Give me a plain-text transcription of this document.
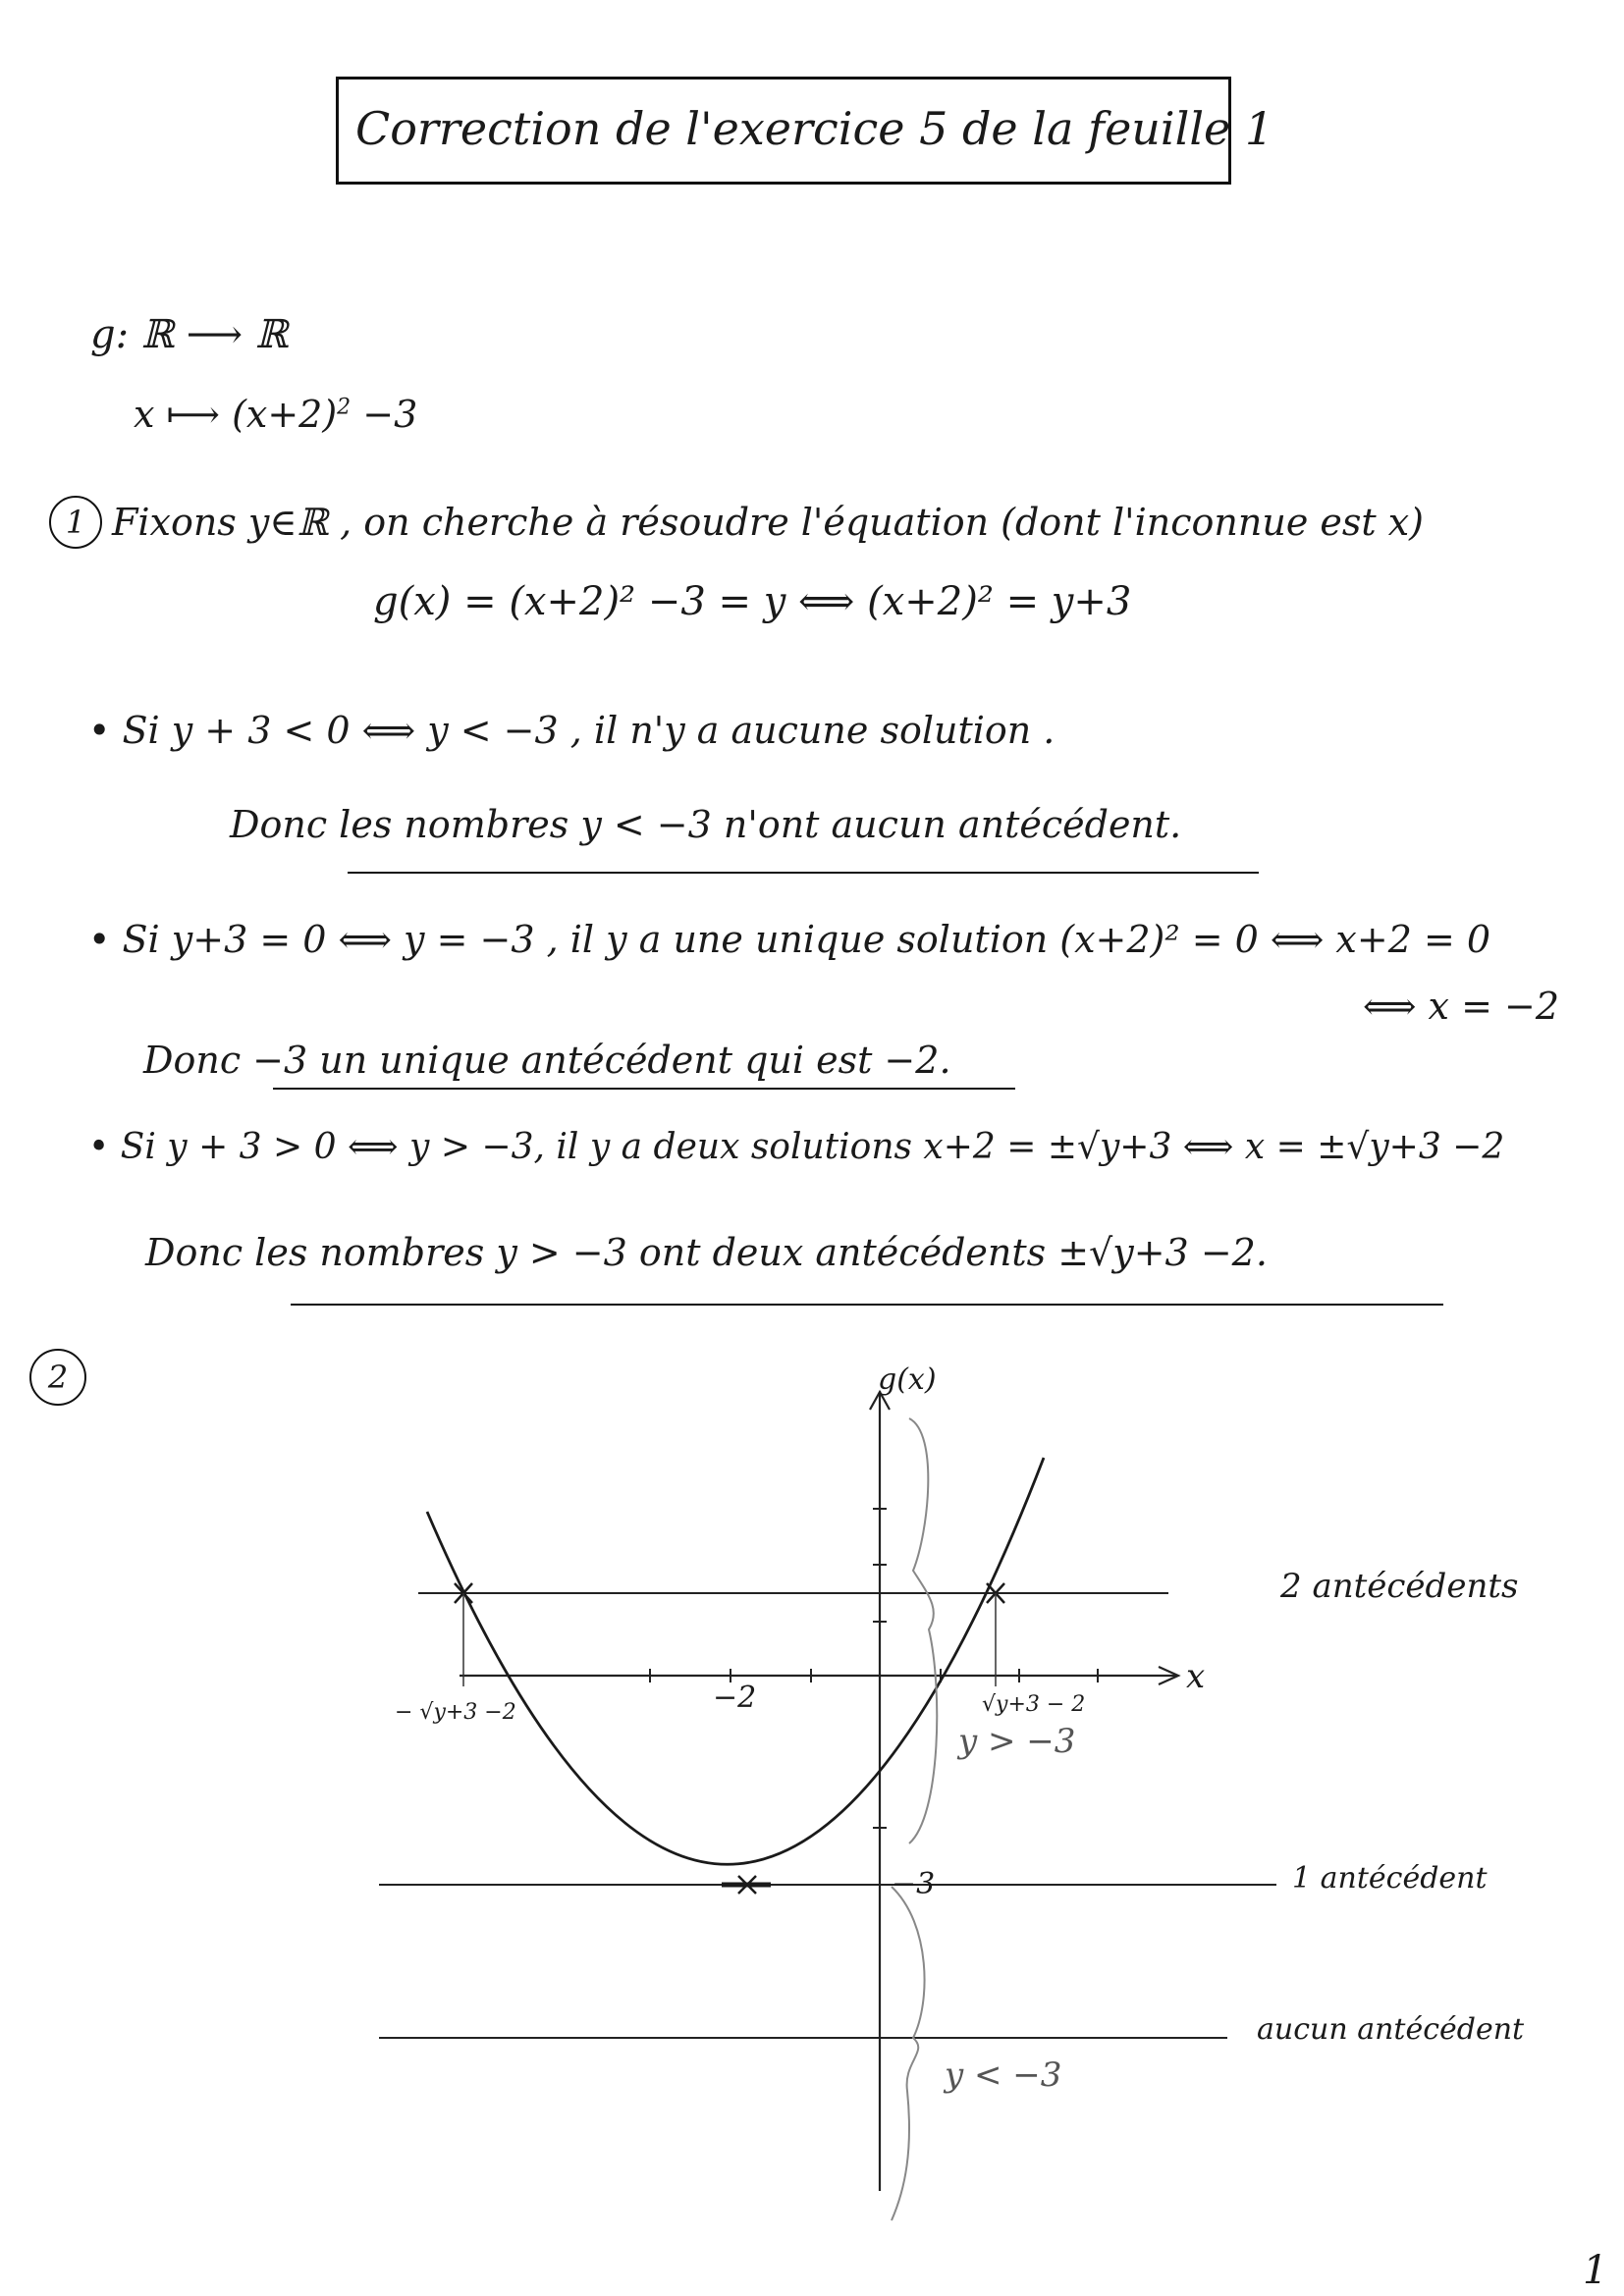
Correction de l'exercice 5 de la feuille 1
g: ℝ ⟶ ℝ
x ⟼ $(x+2)^2 -3$
1 Fixons y∈ℝ , on cherche à résoudre l'équation (dont l'inconnue est x)
g(x) = (x+2)² −3 = y ⟺ (x+2)² = y+3
• Si y + 3 < 0 ⟺ y < −3 , il n'y a aucune solution .
Donc les nombres y < −3 n'ont aucun antécédent.
• Si y+3 = 0 ⟺ y = −3 , il y a une unique solution (x+2)² = 0 ⟺ x+2 = 0
⟺ x = −2
Donc −3 un unique antécédent qui est −2.
• Si y + 3 > 0 ⟺ y > −3, il y a deux solutions x+2 = ±√y+3 ⟺ x = ±√y+3 −2
Donc les nombres y > −3 ont deux antécédents ±√y+3 −2.
2	g(x)
x
−2
−3
− √y+3 −2	√y+3 − 2
y > −3
y < −3
2 antécédents
1 antécédent
aucun antécédent
1
